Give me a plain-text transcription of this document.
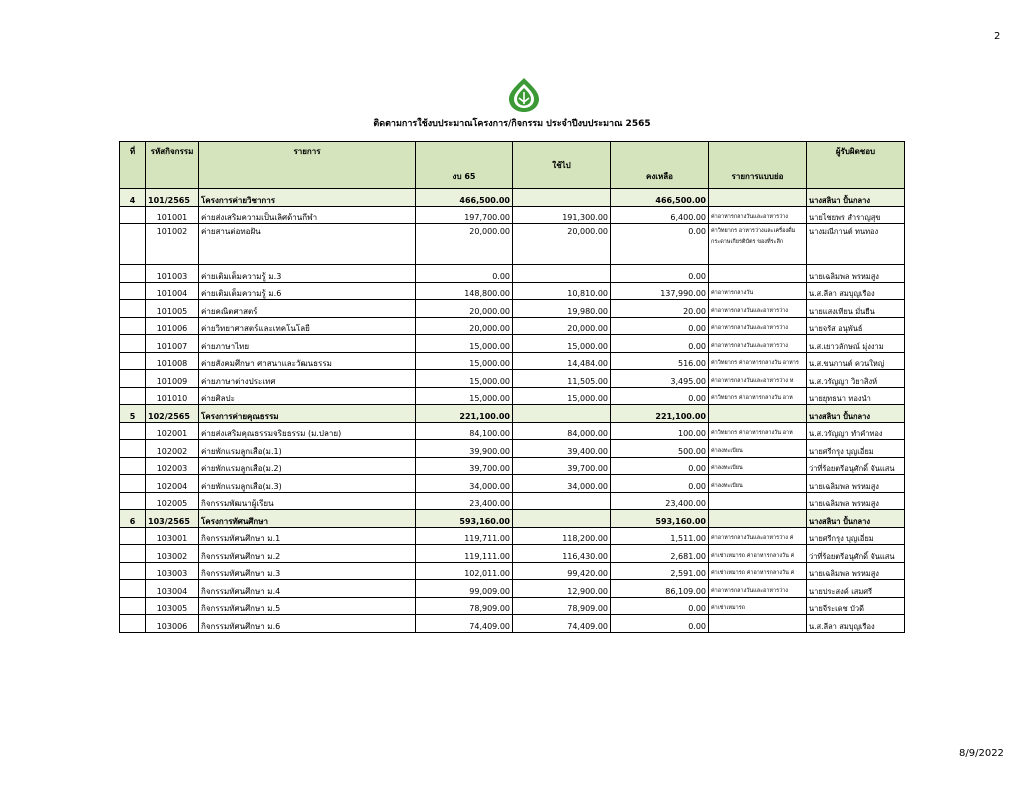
2
ติดตามการใช้งบประมาณโครงการ/กิจกรรม ประจำปีงบประมาณ 2565
ที่	รหัสกิจกรรม	รายการ	งบ 65	ใช้ไป	คงเหลือ	รายการแบบย่อ	ผู้รับผิดชอบ
4	101/2565	โครงการค่ายวิชาการ	466,500.00		466,500.00		นางสลินา ปั้นกลาง
	101001	ค่ายส่งเสริมความเป็นเลิศด้านกีฬา	197,700.00	191,300.00	6,400.00	ค่าอาหารกลางวันและอาหารว่าง	นายไชยพร สำราญสุข
	101002	ค่ายสานต่อทอฝัน	20,000.00	20,000.00	0.00	ค่าวิทยากร อาหารว่างและเครื่องดื่ม กระดาษเกียรติบัตร ของที่ระลึก	นางมณีกานต์ ทนทอง
	101003	ค่ายเติมเต็มความรู้ ม.3	0.00		0.00		นายเฉลิมพล พรหมสูง
	101004	ค่ายเติมเต็มความรู้ ม.6	148,800.00	10,810.00	137,990.00	ค่าอาหารกลางวัน	น.ส.ลีลา สมบุญเรือง
	101005	ค่ายคณิตศาสตร์	20,000.00	19,980.00	20.00	ค่าอาหารกลางวันและอาหารว่าง	นายแสงเทียน มั่นยืน
	101006	ค่ายวิทยาศาสตร์และเทคโนโลยี	20,000.00	20,000.00	0.00	ค่าอาหารกลางวันและอาหารว่าง	นายจรัส อนุพันธ์
	101007	ค่ายภาษาไทย	15,000.00	15,000.00	0.00	ค่าอาหารกลางวันและอาหารว่าง	น.ส.เยาวลักษณ์ มุ่งงาม
	101008	ค่ายสังคมศึกษา ศาสนาและวัฒนธรรม	15,000.00	14,484.00	516.00	ค่าวิทยากร ค่าอาหารกลางวัน อาหาร	น.ส.ขนกานต์ ควนใหญ่
	101009	ค่ายภาษาต่างประเทศ	15,000.00	11,505.00	3,495.00	ค่าอาหารกลางวันและอาหารว่าง ห	น.ส.วรัญญา วิยาสิงห์
	101010	ค่ายศิลปะ	15,000.00	15,000.00	0.00	ค่าวิทยากร ค่าอาหารกลางวัน อาห	นายยุทธนา ทองนำ
5	102/2565	โครงการค่ายคุณธรรม	221,100.00		221,100.00		นางสลินา ปั้นกลาง
	102001	ค่ายส่งเสริมคุณธรรมจริยธรรม (ม.ปลาย)	84,100.00	84,000.00	100.00	ค่าวิทยากร ค่าอาหารกลางวัน อาห	น.ส.วรัญญา ทำคำทอง
	102002	ค่ายพักแรมลูกเสือ(ม.1)	39,900.00	39,400.00	500.00	ค่าลงทะเบียน	นายศรีกรุง บุญเอี่ยม
	102003	ค่ายพักแรมลูกเสือ(ม.2)	39,700.00	39,700.00	0.00	ค่าลงทะเบียน	ว่าที่ร้อยตรีอนุศักดิ์ จันแสน
	102004	ค่ายพักแรมลูกเสือ(ม.3)	34,000.00	34,000.00	0.00	ค่าลงทะเบียน	นายเฉลิมพล พรหมสูง
	102005	กิจกรรมพัฒนาผู้เรียน	23,400.00		23,400.00		นายเฉลิมพล พรหมสูง
6	103/2565	โครงการทัศนศึกษา	593,160.00		593,160.00		นางสลินา ปั้นกลาง
	103001	กิจกรรมทัศนศึกษา ม.1	119,711.00	118,200.00	1,511.00	ค่าอาหารกลางวันและอาหารว่าง ค่	นายศรีกรุง บุญเอี่ยม
	103002	กิจกรรมทัศนศึกษา ม.2	119,111.00	116,430.00	2,681.00	ค่าเช่าเหมารถ ค่าอาหารกลางวัน ค่	ว่าที่ร้อยตรีอนุศักดิ์ จันแสน
	103003	กิจกรรมทัศนศึกษา ม.3	102,011.00	99,420.00	2,591.00	ค่าเช่าเหมารถ ค่าอาหารกลางวัน ค่	นายเฉลิมพล พรหมสูง
	103004	กิจกรรมทัศนศึกษา ม.4	99,009.00	12,900.00	86,109.00	ค่าอาหารกลางวันและอาหารว่าง	นายประสงค์ เสมศรี
	103005	กิจกรรมทัศนศึกษา ม.5	78,909.00	78,909.00	0.00	ค่าเช่าเหมารถ	นายจีระเดช บัวดี
	103006	กิจกรรมทัศนศึกษา ม.6	74,409.00	74,409.00	0.00		น.ส.ลีลา สมบุญเรือง
8/9/2022
